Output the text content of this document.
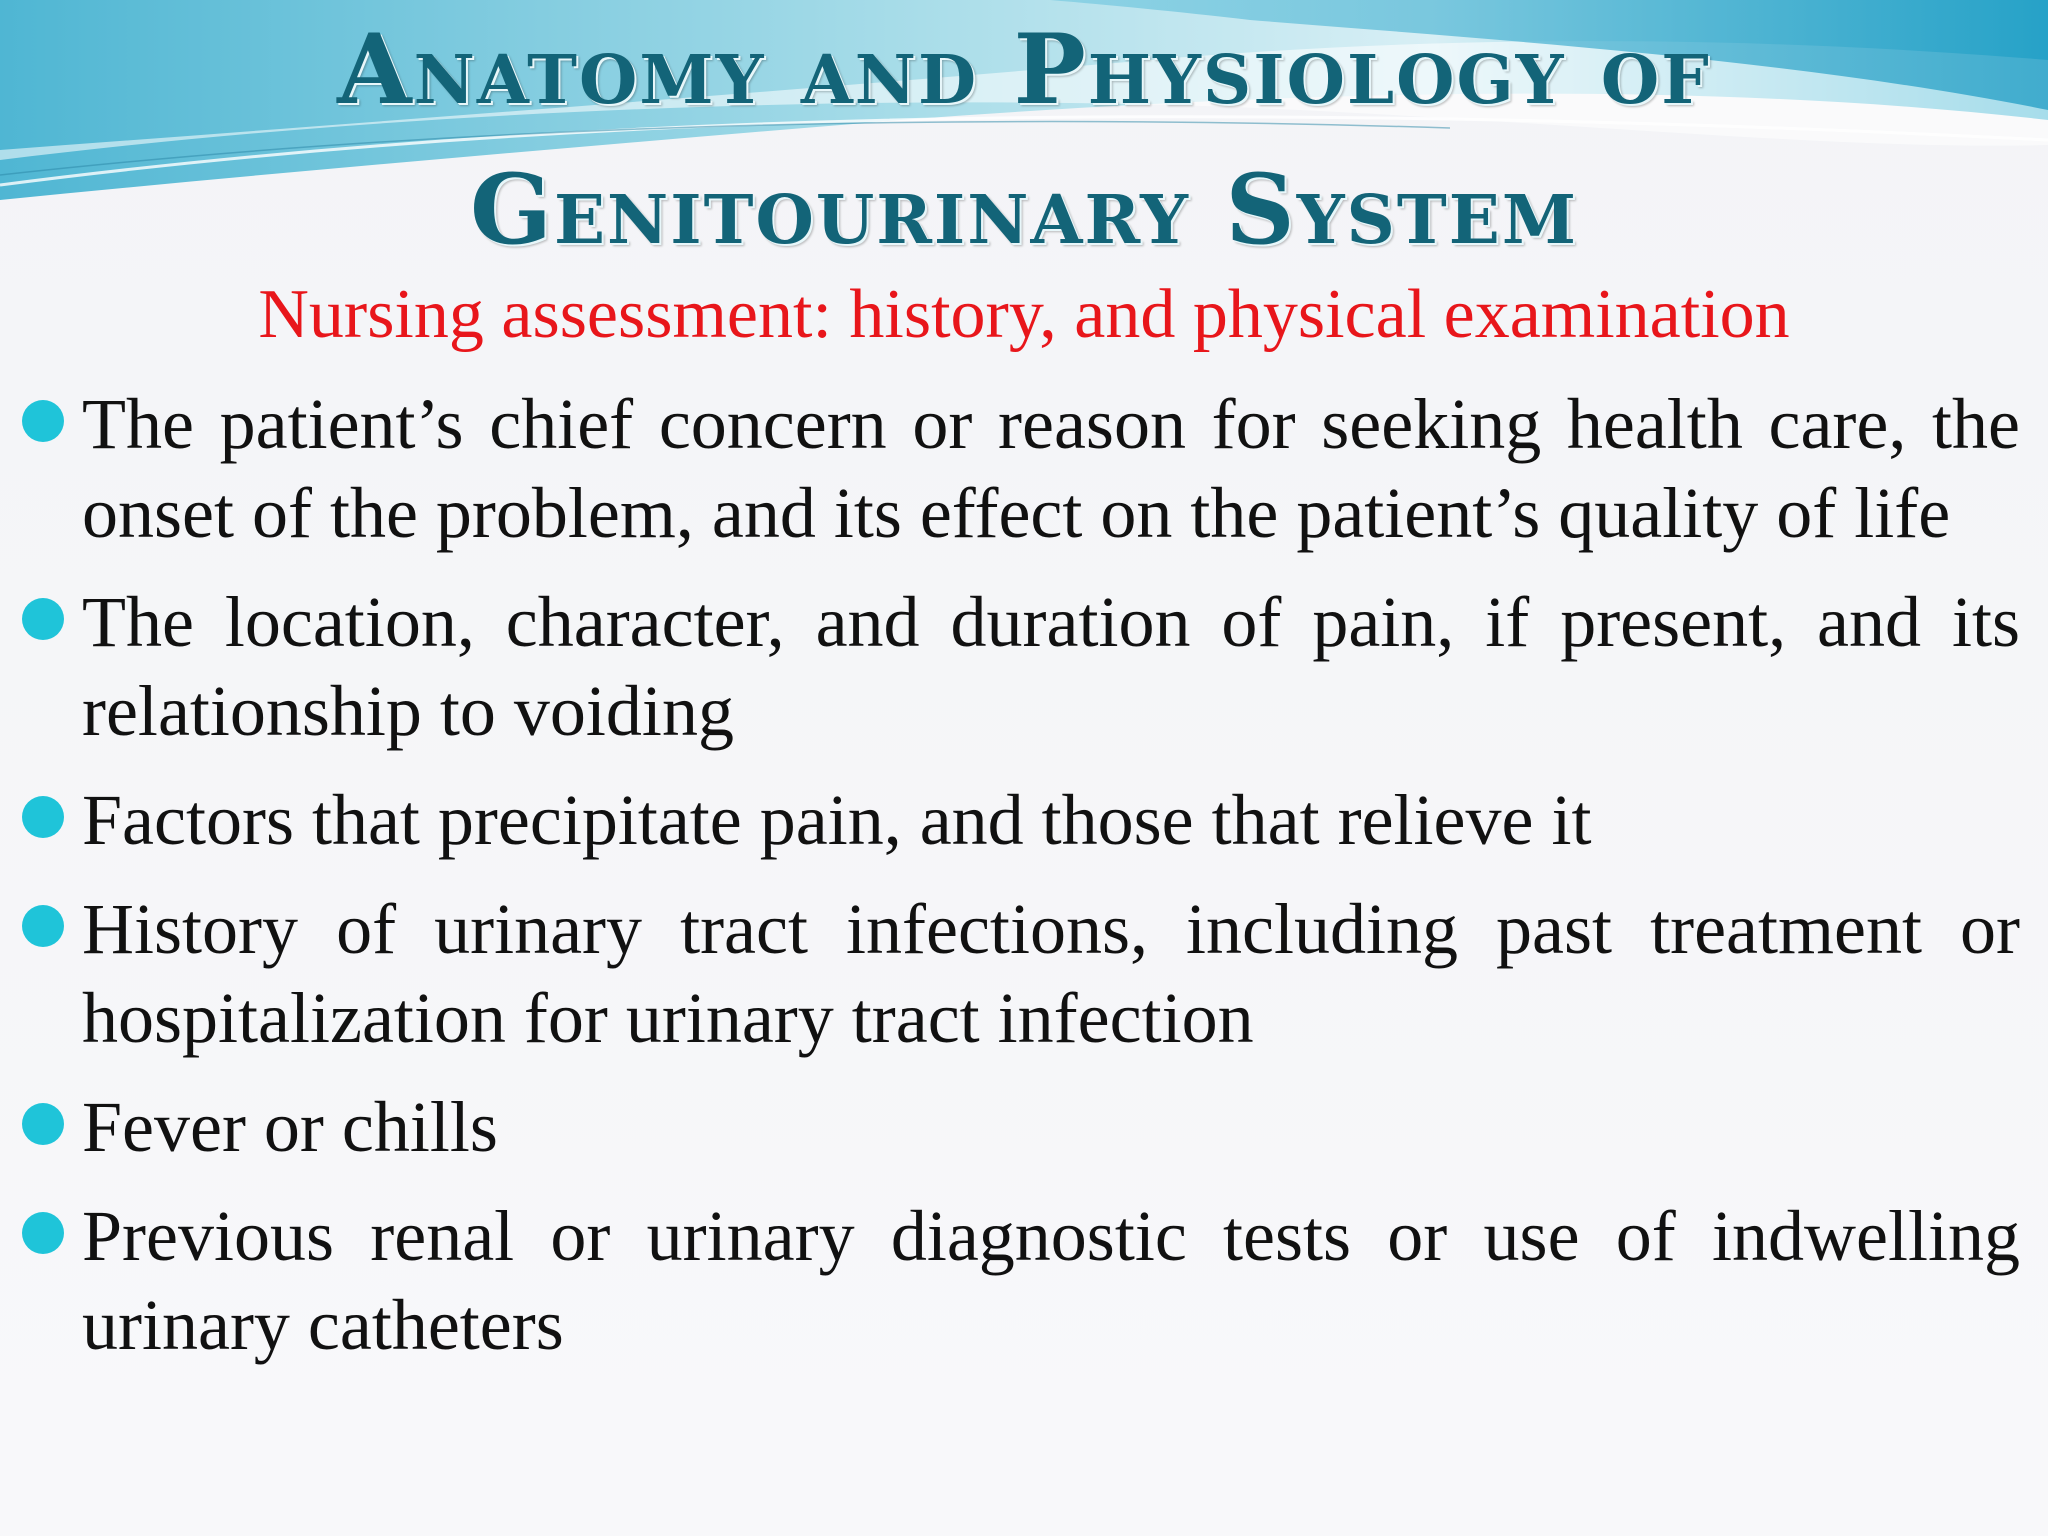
Anatomy and Physiology of
Genitourinary System
Nursing assessment: history, and physical examination
The patient’s chief concern or reason for seeking health care, the onset of the problem, and its effect on the patient’s quality of life
The location, character, and duration of pain, if present, and its relationship to voiding
Factors that precipitate pain, and those that relieve it
History of urinary tract infections, including past treatment or hospitalization for urinary tract infection
Fever or chills
Previous renal or urinary diagnostic tests or use of indwelling urinary catheters
